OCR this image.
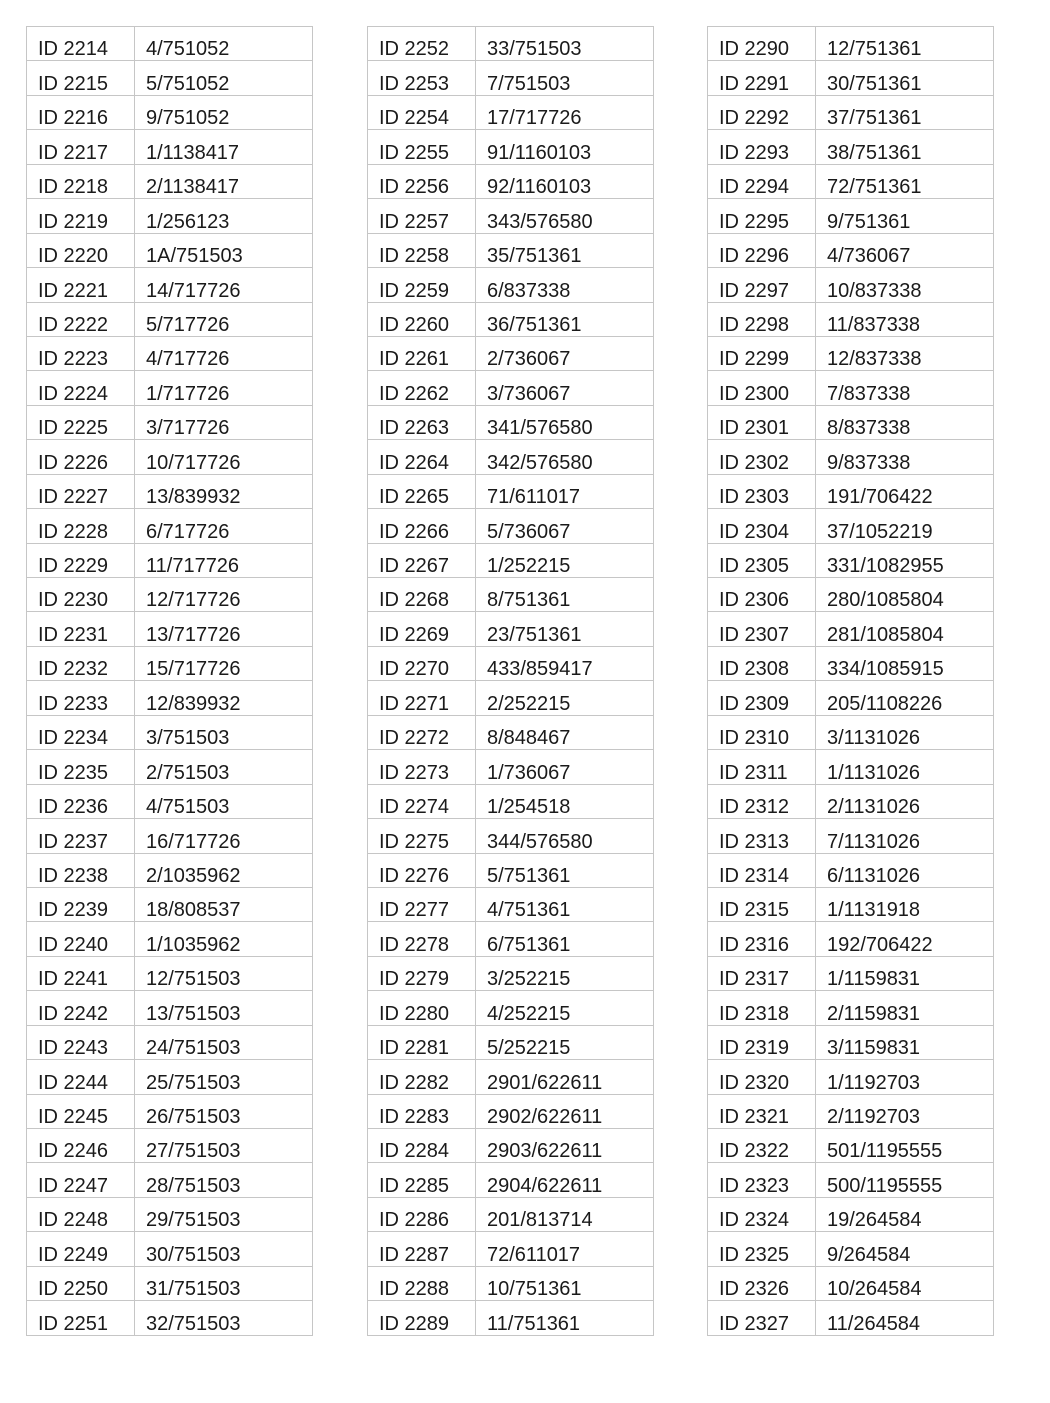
ID 2214	4/751052
ID 2215	5/751052
ID 2216	9/751052
ID 2217	1/1138417
ID 2218	2/1138417
ID 2219	1/256123
ID 2220	1A/751503
ID 2221	14/717726
ID 2222	5/717726
ID 2223	4/717726
ID 2224	1/717726
ID 2225	3/717726
ID 2226	10/717726
ID 2227	13/839932
ID 2228	6/717726
ID 2229	11/717726
ID 2230	12/717726
ID 2231	13/717726
ID 2232	15/717726
ID 2233	12/839932
ID 2234	3/751503
ID 2235	2/751503
ID 2236	4/751503
ID 2237	16/717726
ID 2238	2/1035962
ID 2239	18/808537
ID 2240	1/1035962
ID 2241	12/751503
ID 2242	13/751503
ID 2243	24/751503
ID 2244	25/751503
ID 2245	26/751503
ID 2246	27/751503
ID 2247	28/751503
ID 2248	29/751503
ID 2249	30/751503
ID 2250	31/751503
ID 2251	32/751503
ID 2252	33/751503
ID 2253	7/751503
ID 2254	17/717726
ID 2255	91/1160103
ID 2256	92/1160103
ID 2257	343/576580
ID 2258	35/751361
ID 2259	6/837338
ID 2260	36/751361
ID 2261	2/736067
ID 2262	3/736067
ID 2263	341/576580
ID 2264	342/576580
ID 2265	71/611017
ID 2266	5/736067
ID 2267	1/252215
ID 2268	8/751361
ID 2269	23/751361
ID 2270	433/859417
ID 2271	2/252215
ID 2272	8/848467
ID 2273	1/736067
ID 2274	1/254518
ID 2275	344/576580
ID 2276	5/751361
ID 2277	4/751361
ID 2278	6/751361
ID 2279	3/252215
ID 2280	4/252215
ID 2281	5/252215
ID 2282	2901/622611
ID 2283	2902/622611
ID 2284	2903/622611
ID 2285	2904/622611
ID 2286	201/813714
ID 2287	72/611017
ID 2288	10/751361
ID 2289	11/751361
ID 2290	12/751361
ID 2291	30/751361
ID 2292	37/751361
ID 2293	38/751361
ID 2294	72/751361
ID 2295	9/751361
ID 2296	4/736067
ID 2297	10/837338
ID 2298	11/837338
ID 2299	12/837338
ID 2300	7/837338
ID 2301	8/837338
ID 2302	9/837338
ID 2303	191/706422
ID 2304	37/1052219
ID 2305	331/1082955
ID 2306	280/1085804
ID 2307	281/1085804
ID 2308	334/1085915
ID 2309	205/1108226
ID 2310	3/1131026
ID 2311	1/1131026
ID 2312	2/1131026
ID 2313	7/1131026
ID 2314	6/1131026
ID 2315	1/1131918
ID 2316	192/706422
ID 2317	1/1159831
ID 2318	2/1159831
ID 2319	3/1159831
ID 2320	1/1192703
ID 2321	2/1192703
ID 2322	501/1195555
ID 2323	500/1195555
ID 2324	19/264584
ID 2325	9/264584
ID 2326	10/264584
ID 2327	11/264584
